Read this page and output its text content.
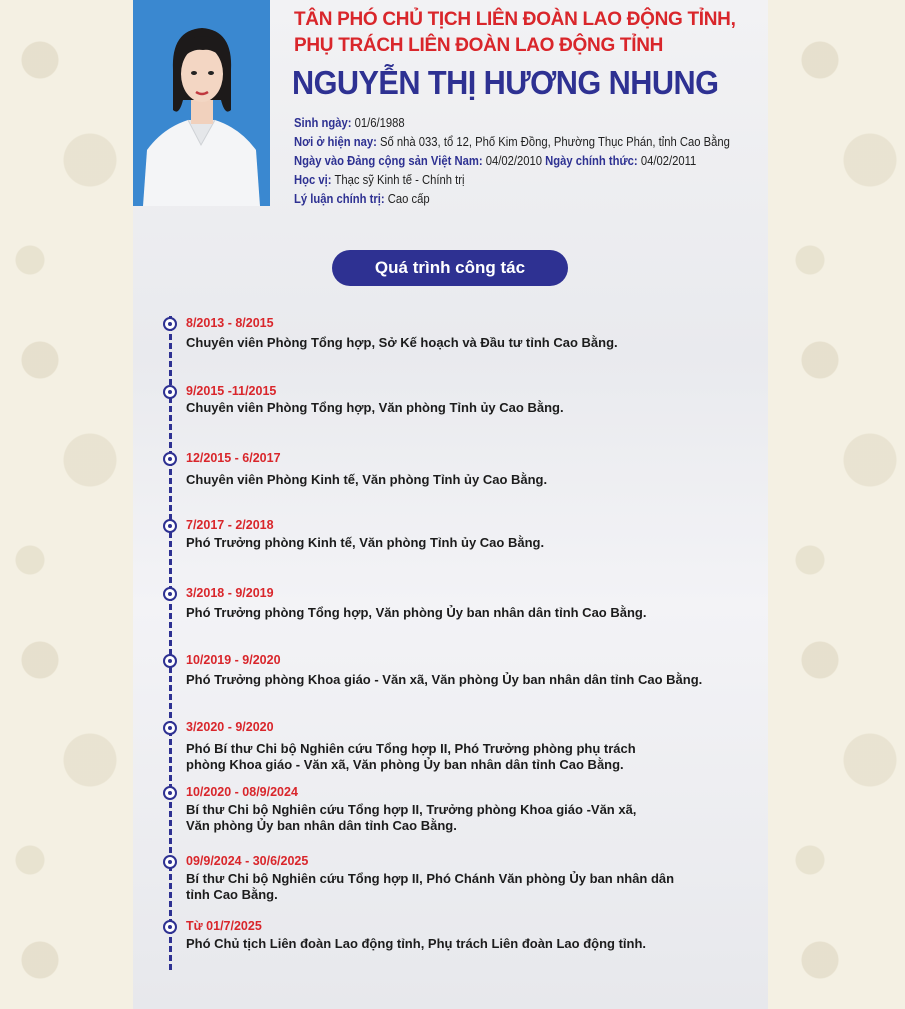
TÂN PHÓ CHỦ TỊCH LIÊN ĐOÀN LAO ĐỘNG TỈNH,
PHỤ TRÁCH LIÊN ĐOÀN LAO ĐỘNG TỈNH
NGUYỄN THỊ HƯƠNG NHUNG
Sinh ngày: 01/6/1988
Nơi ở hiện nay: Số nhà 033, tổ 12, Phố Kim Đồng, Phường Thục Phán, tỉnh Cao Bằng
Ngày vào Đảng cộng sản Việt Nam: 04/02/2010 Ngày chính thức: 04/02/2011
Học vị: Thạc sỹ Kinh tế - Chính trị
Lý luận chính trị: Cao cấp
Quá trình công tác
8/2013 - 8/2015
Chuyên viên Phòng Tổng hợp, Sở Kế hoạch và Đầu tư tỉnh Cao Bằng.
9/2015 -11/2015
Chuyên viên Phòng Tổng hợp, Văn phòng Tỉnh ủy Cao Bằng.
12/2015 - 6/2017
Chuyên viên Phòng Kinh tế, Văn phòng Tỉnh ủy Cao Bằng.
7/2017 - 2/2018
Phó Trưởng phòng Kinh tế, Văn phòng Tỉnh ủy Cao Bằng.
3/2018 - 9/2019
Phó Trưởng phòng Tổng hợp, Văn phòng Ủy ban nhân dân tỉnh Cao Bằng.
10/2019 - 9/2020
Phó Trưởng phòng Khoa giáo - Văn xã, Văn phòng Ủy ban nhân dân tỉnh Cao Bằng.
3/2020 - 9/2020
Phó Bí thư Chi bộ Nghiên cứu Tổng hợp II, Phó Trưởng phòng phụ trách
phòng Khoa giáo - Văn xã, Văn phòng Ủy ban nhân dân tỉnh Cao Bằng.
10/2020 - 08/9/2024
Bí thư Chi bộ Nghiên cứu Tổng hợp II, Trưởng phòng Khoa giáo -Văn xã,
Văn phòng Ủy ban nhân dân tỉnh Cao Bằng.
09/9/2024 - 30/6/2025
Bí thư Chi bộ Nghiên cứu Tổng hợp II, Phó Chánh Văn phòng Ủy ban nhân dân
tỉnh Cao Bằng.
Từ 01/7/2025
Phó Chủ tịch Liên đoàn Lao động tỉnh, Phụ trách Liên đoàn Lao động tỉnh.
